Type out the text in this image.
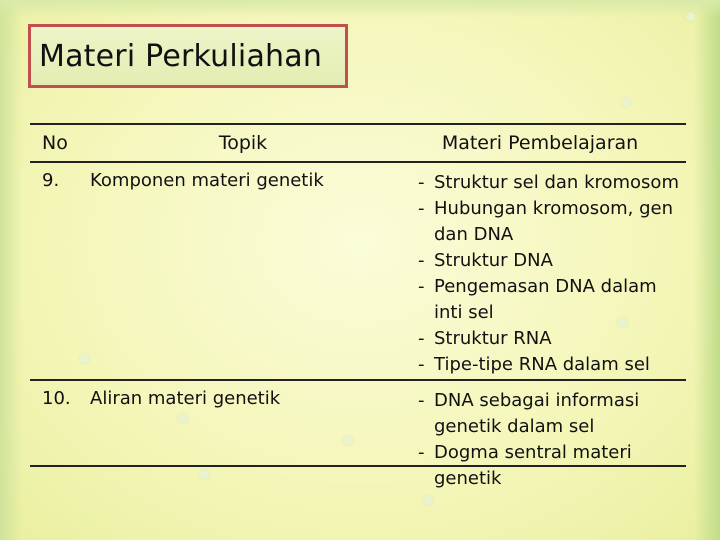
Materi Perkuliahan
No	Topik	Materi Pembelajaran
9.	Komponen materi genetik	- Struktur sel dan kromosom
- Hubungan kromosom, gen dan DNA
- Struktur DNA
- Pengemasan DNA dalam inti sel
- Struktur RNA
- Tipe-tipe RNA dalam sel
10.	Aliran materi genetik	- DNA sebagai informasi genetik dalam sel
- Dogma sentral materi genetik
